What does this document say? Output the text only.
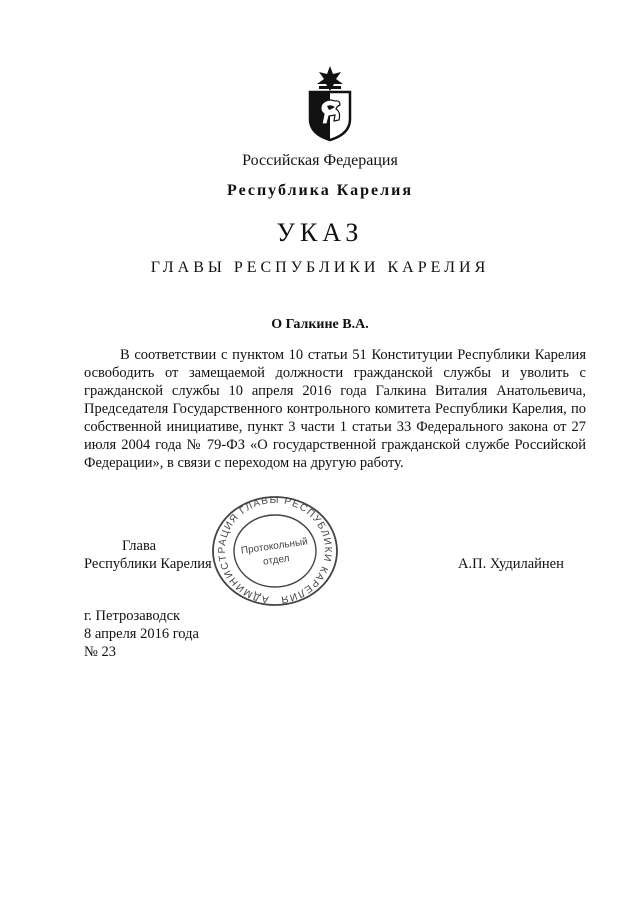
Российская Федерация
Республика Карелия
УКАЗ
ГЛАВЫ РЕСПУБЛИКИ КАРЕЛИЯ
О Галкине В.А.

В соответствии с пунктом 10 статьи 51 Конституции Республики Карелия освободить от замещаемой должности гражданской службы и уволить с гражданской службы 10 апреля 2016 года Галкина Виталия Анатольевича, Председателя Государственного контрольного комитета Республики Карелия, по собственной инициативе, пункт 3 части 1 статьи 33 Федерального закона от 27 июля 2004 года № 79-ФЗ «О государственной гражданской службе Российской Федерации», в связи с переходом на другую работу.

Глава
Республики Карелия	А.П. Худилайнен
АДМИНИСТРАЦИЯ ГЛАВЫ РЕСПУБЛИКИ КАРЕЛИЯ
Протокольный
отдел
г. Петрозаводск
8 апреля 2016 года
№ 23
